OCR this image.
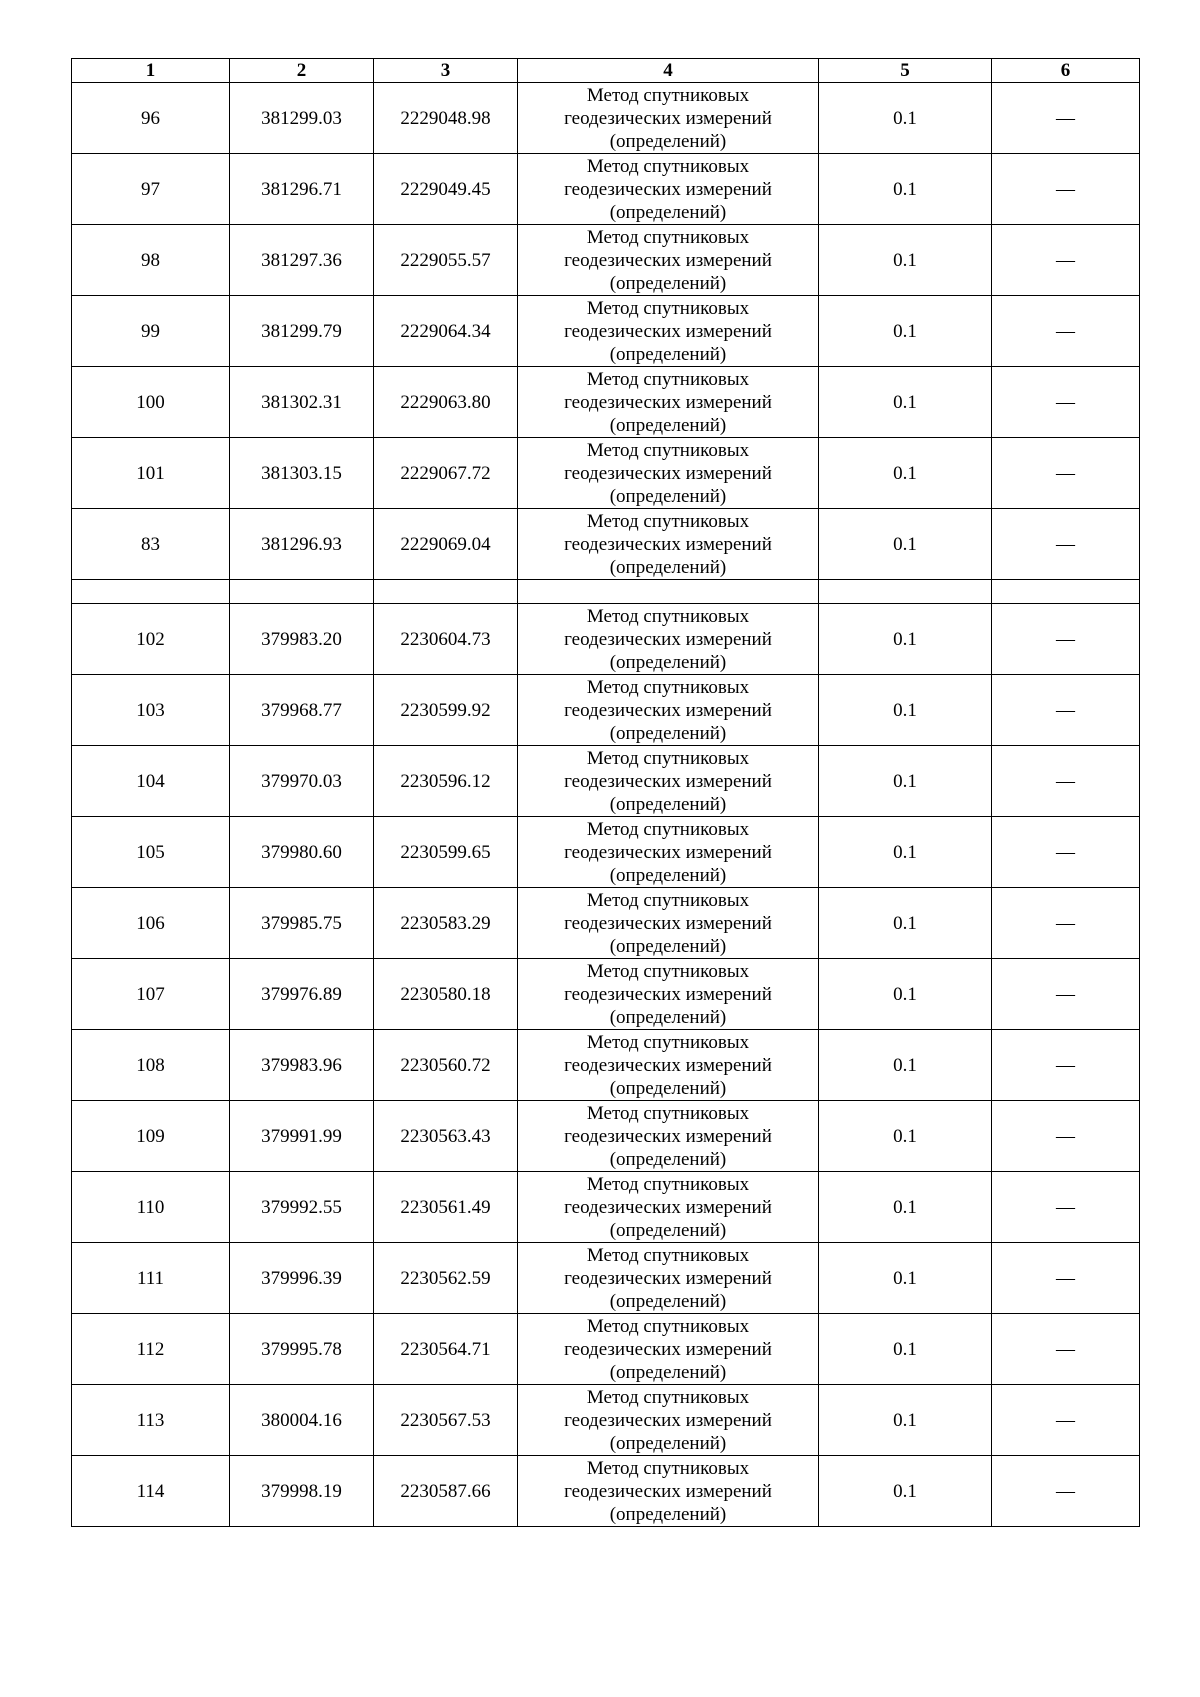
1	2	3	4	5	6
96	381299.03	2229048.98	Метод спутниковых
геодезических измерений
(определений)	0.1	—
97	381296.71	2229049.45	Метод спутниковых
геодезических измерений
(определений)	0.1	—
98	381297.36	2229055.57	Метод спутниковых
геодезических измерений
(определений)	0.1	—
99	381299.79	2229064.34	Метод спутниковых
геодезических измерений
(определений)	0.1	—
100	381302.31	2229063.80	Метод спутниковых
геодезических измерений
(определений)	0.1	—
101	381303.15	2229067.72	Метод спутниковых
геодезических измерений
(определений)	0.1	—
83	381296.93	2229069.04	Метод спутниковых
геодезических измерений
(определений)	0.1	—

102	379983.20	2230604.73	Метод спутниковых
геодезических измерений
(определений)	0.1	—
103	379968.77	2230599.92	Метод спутниковых
геодезических измерений
(определений)	0.1	—
104	379970.03	2230596.12	Метод спутниковых
геодезических измерений
(определений)	0.1	—
105	379980.60	2230599.65	Метод спутниковых
геодезических измерений
(определений)	0.1	—
106	379985.75	2230583.29	Метод спутниковых
геодезических измерений
(определений)	0.1	—
107	379976.89	2230580.18	Метод спутниковых
геодезических измерений
(определений)	0.1	—
108	379983.96	2230560.72	Метод спутниковых
геодезических измерений
(определений)	0.1	—
109	379991.99	2230563.43	Метод спутниковых
геодезических измерений
(определений)	0.1	—
110	379992.55	2230561.49	Метод спутниковых
геодезических измерений
(определений)	0.1	—
111	379996.39	2230562.59	Метод спутниковых
геодезических измерений
(определений)	0.1	—
112	379995.78	2230564.71	Метод спутниковых
геодезических измерений
(определений)	0.1	—
113	380004.16	2230567.53	Метод спутниковых
геодезических измерений
(определений)	0.1	—
114	379998.19	2230587.66	Метод спутниковых
геодезических измерений
(определений)	0.1	—
